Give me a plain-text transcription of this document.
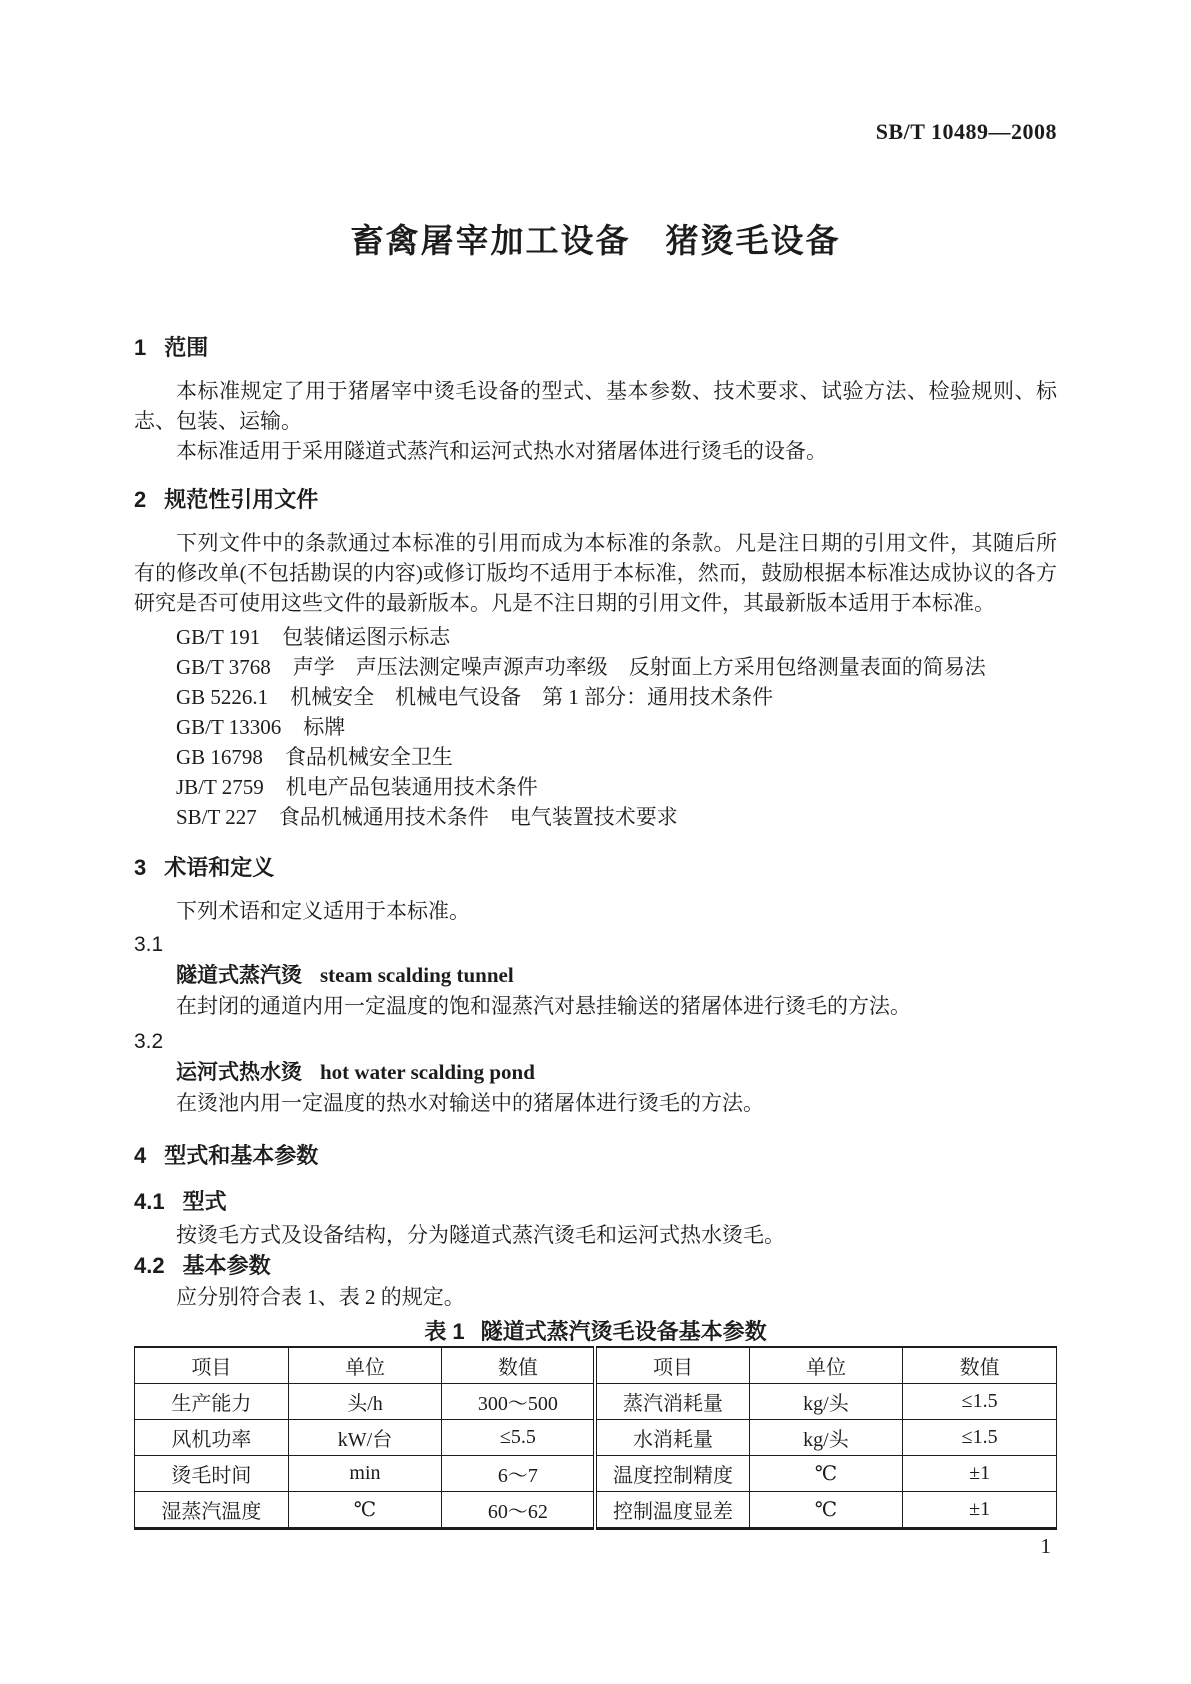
SB/T 10489—2008
畜禽屠宰加工设备　猪烫毛设备
1 范围

本标准规定了用于猪屠宰中烫毛设备的型式、基本参数、技术要求、试验方法、检验规则、标志、包装、运输。

本标准适用于采用隧道式蒸汽和运河式热水对猪屠体进行烫毛的设备。

2 规范性引用文件

下列文件中的条款通过本标准的引用而成为本标准的条款。凡是注日期的引用文件，其随后所有的修改单(不包括勘误的内容)或修订版均不适用于本标准，然而，鼓励根据本标准达成协议的各方研究是否可使用这些文件的最新版本。凡是不注日期的引用文件，其最新版本适用于本标准。

GB/T 191 包装储运图示标志
GB/T 3768 声学　声压法测定噪声源声功率级　反射面上方采用包络测量表面的简易法
GB 5226.1 机械安全　机械电气设备　第 1 部分：通用技术条件
GB/T 13306 标牌
GB 16798 食品机械安全卫生
JB/T 2759 机电产品包装通用技术条件
SB/T 227 食品机械通用技术条件　电气装置技术要求
3 术语和定义

下列术语和定义适用于本标准。

3.1
隧道式蒸汽烫 steam scalding tunnel

在封闭的通道内用一定温度的饱和湿蒸汽对悬挂输送的猪屠体进行烫毛的方法。

3.2
运河式热水烫 hot water scalding pond

在烫池内用一定温度的热水对输送中的猪屠体进行烫毛的方法。

4 型式和基本参数
4.1 型式

按烫毛方式及设备结构，分为隧道式蒸汽烫毛和运河式热水烫毛。

4.2 基本参数

应分别符合表 1、表 2 的规定。

表 1 隧道式蒸汽烫毛设备基本参数
项目	单位	数值	项目	单位	数值
生产能力	头/h	300～500	蒸汽消耗量	kg/头	≤1.5
风机功率	kW/台	≤5.5	水消耗量	kg/头	≤1.5
烫毛时间	min	6～7	温度控制精度	℃	±1
湿蒸汽温度	℃	60～62	控制温度显差	℃	±1
1
